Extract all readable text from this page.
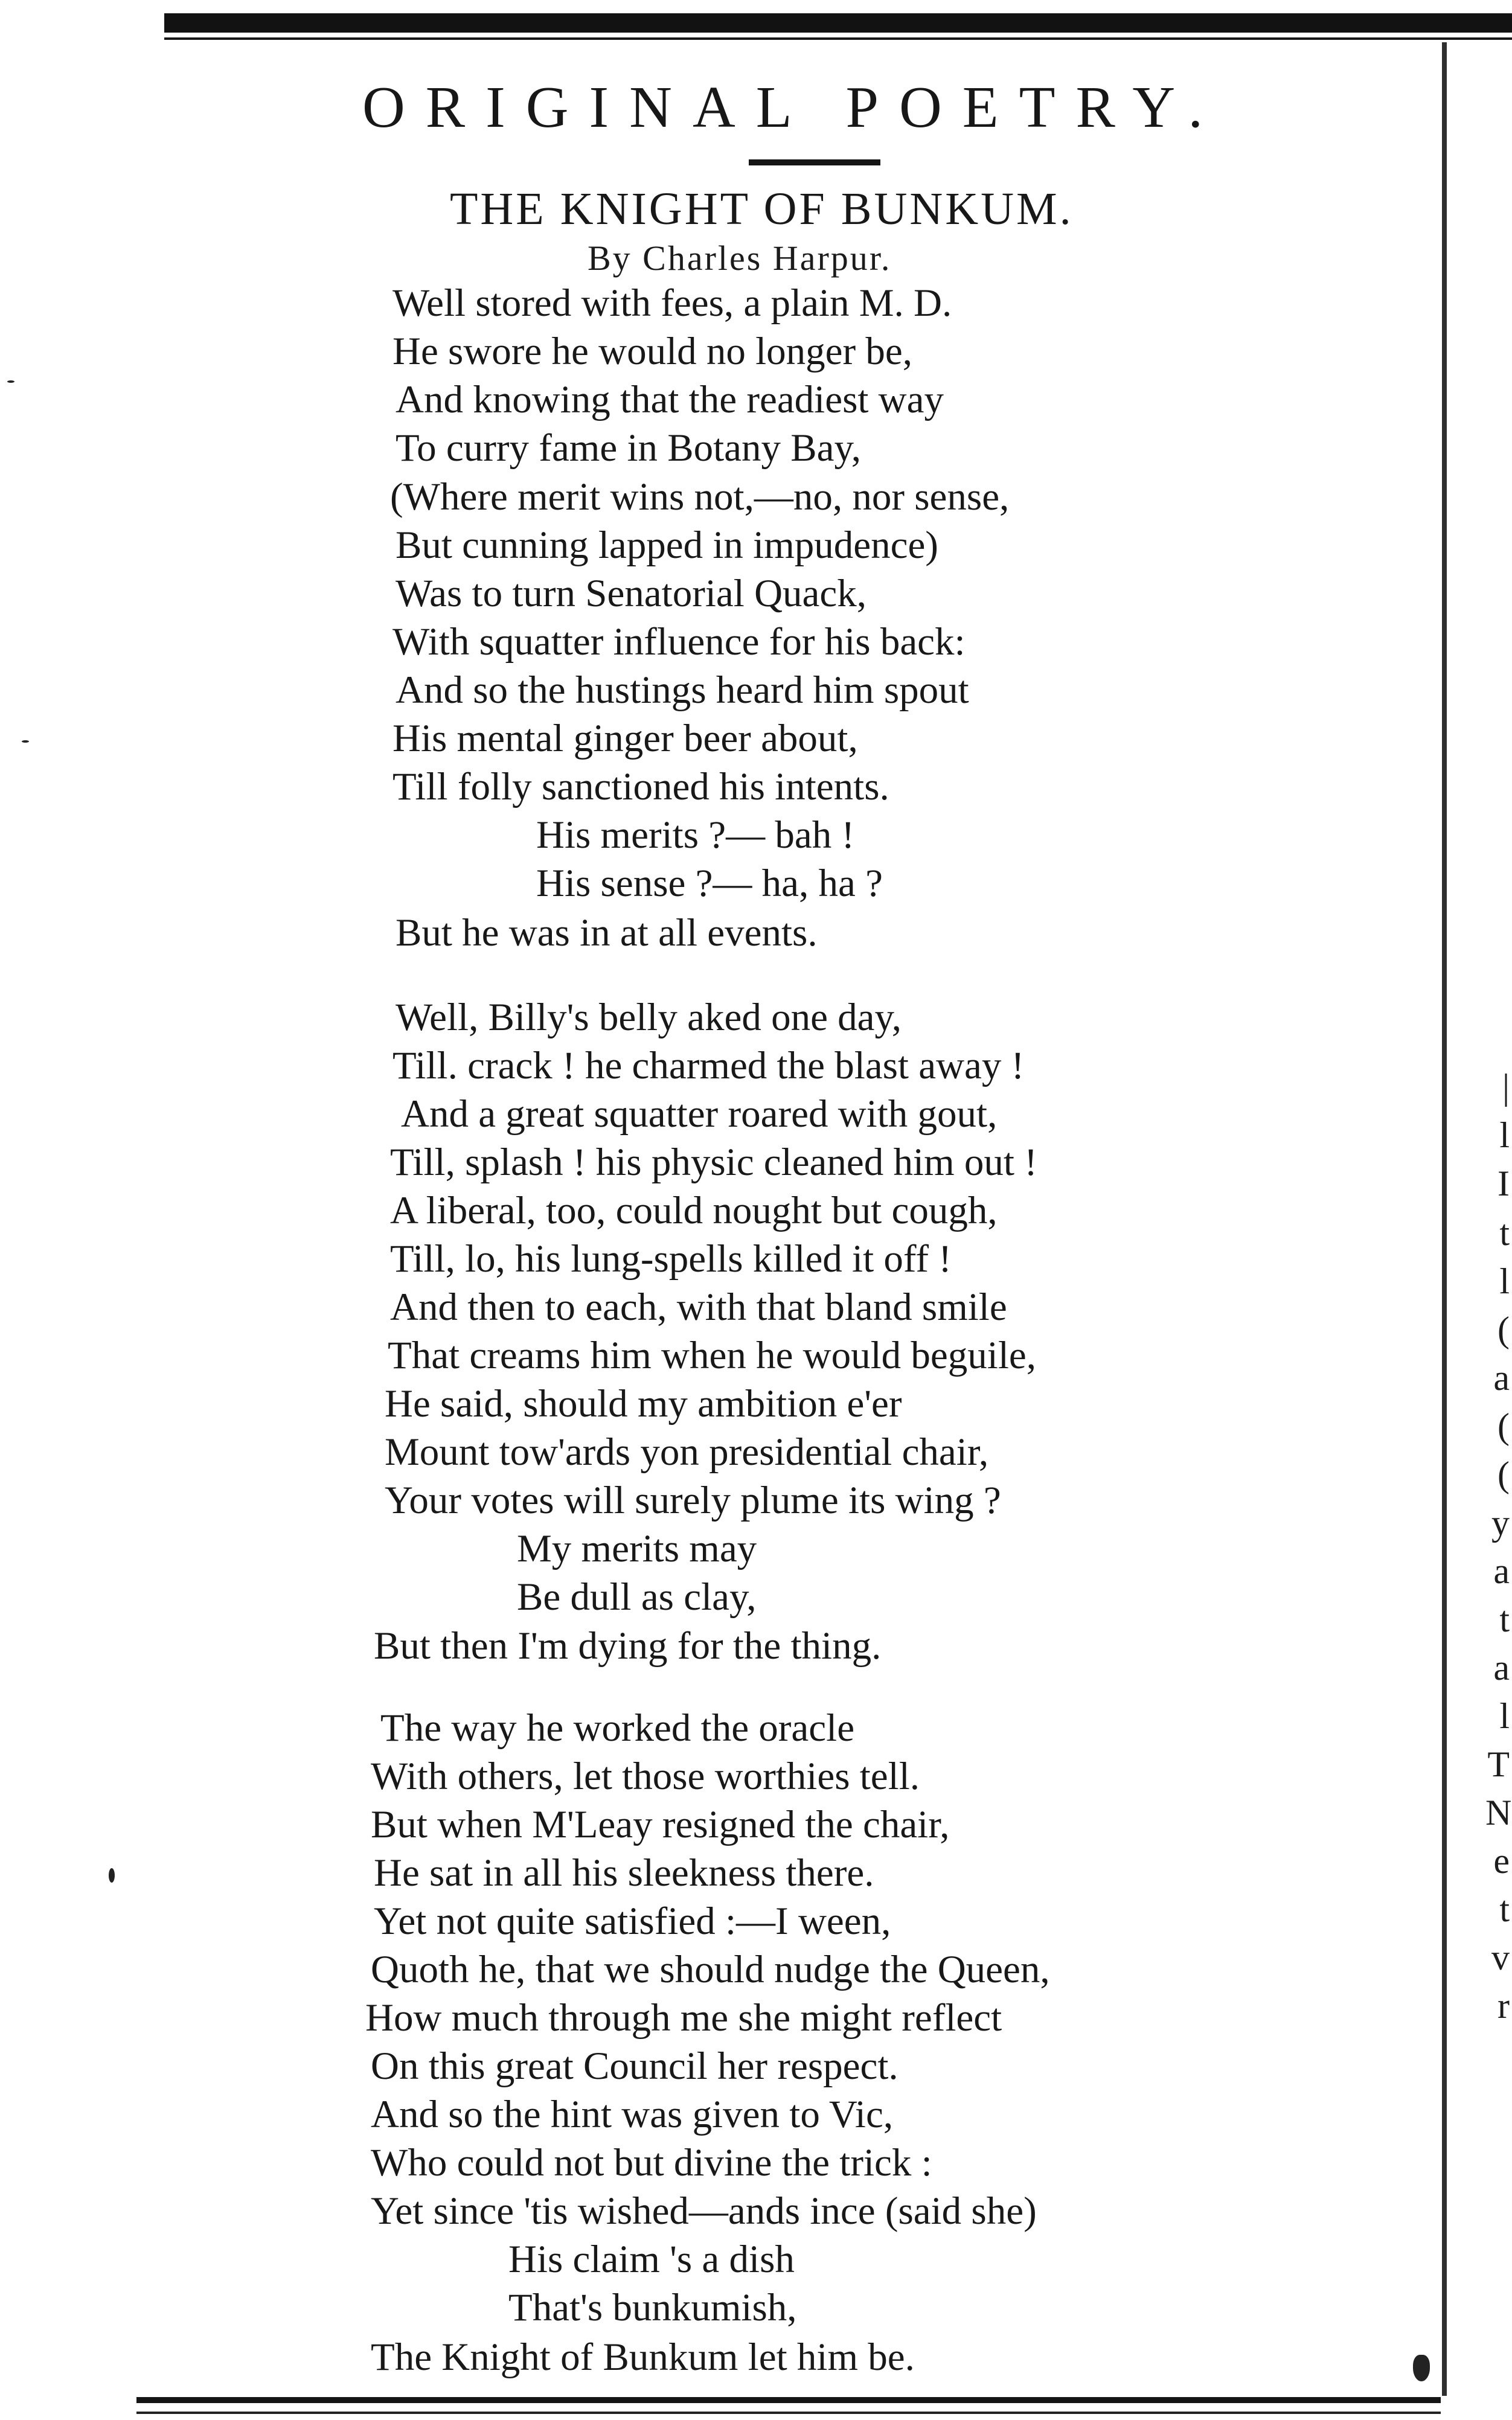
ORIGINAL POETRY.
THE KNIGHT OF BUNKUM.
By Charles Harpur.
Well stored with fees, a plain M. D.
He swore he would no longer be,
And knowing that the readiest way
To curry fame in Botany Bay,
(Where merit wins not,—no, nor sense,
But cunning lapped in impudence)
Was to turn Senatorial Quack,
With squatter influence for his back:
And so the hustings heard him spout
His mental ginger beer about,
Till folly sanctioned his intents.
His merits ?— bah !
His sense ?— ha, ha ?
But he was in at all events.
Well, Billy's belly aked one day,
Till. crack ! he charmed the blast away !
And a great squatter roared with gout,
Till, splash ! his physic cleaned him out !
A liberal, too, could nought but cough,
Till, lo, his lung-spells killed it off !
And then to each, with that bland smile
That creams him when he would beguile,
He said, should my ambition e'er
Mount tow'ards yon presidential chair,
Your votes will surely plume its wing ?
My merits may
Be dull as clay,
But then I'm dying for the thing.
The way he worked the oracle
With others, let those worthies tell.
But when M'Leay resigned the chair,
He sat in all his sleekness there.
Yet not quite satisfied :—I ween,
Quoth he, that we should nudge the Queen,
How much through me she might reflect
On this great Council her respect.
And so the hint was given to Vic,
Who could not but divine the trick :
Yet since 'tis wished—ands ince (said she)
His claim 's a dish
That's bunkumish,
The Knight of Bunkum let him be.
|
l
I
t
l
(
a
(
(
y
a
t
a
l
T
N
e
t
v
r
